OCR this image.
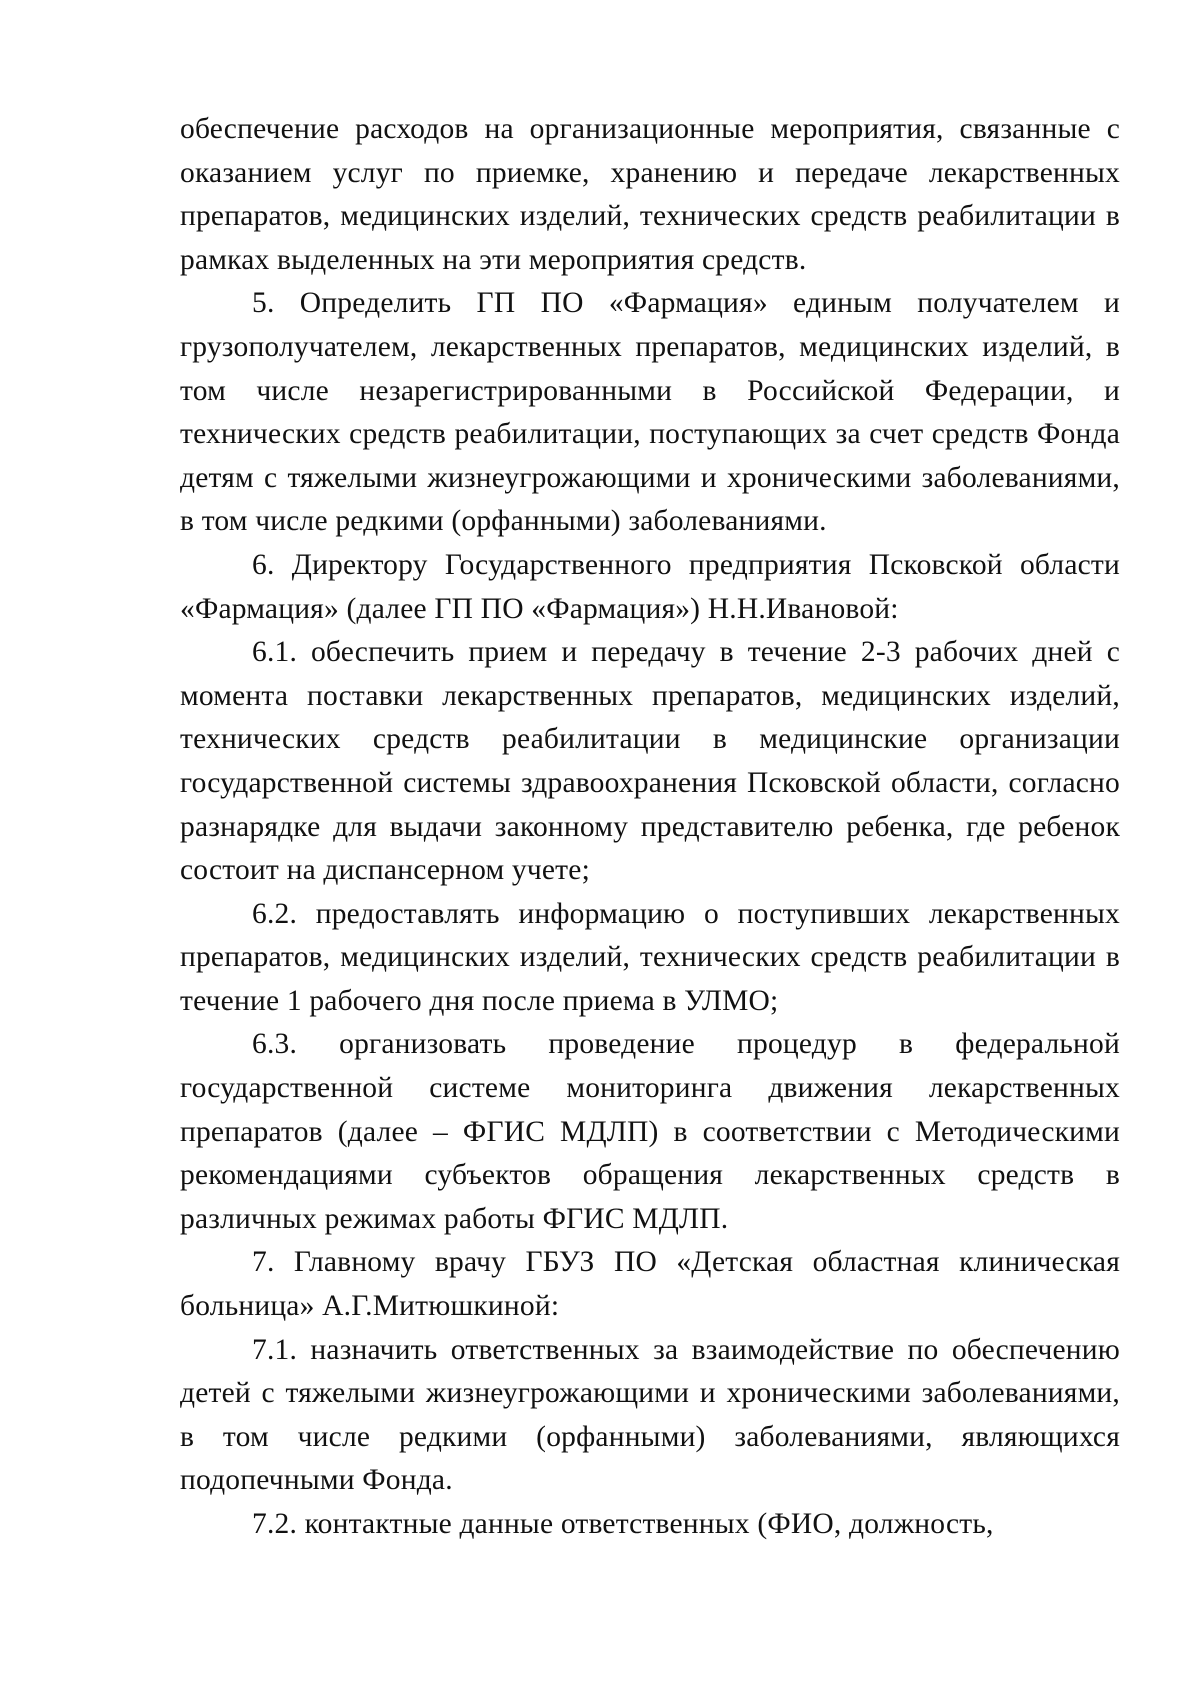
обеспечение расходов на организационные мероприятия, связанные с оказанием услуг по приемке, хранению и передаче лекарственных препаратов, медицинских изделий, технических средств реабилитации в рамках выделенных на эти мероприятия средств.

5. Определить ГП ПО «Фармация» единым получателем и грузополучателем, лекарственных препаратов, медицинских изделий, в том числе незарегистрированными в Российской Федерации, и технических средств реабилитации, поступающих за счет средств Фонда детям с тяжелыми жизнеугрожающими и хроническими заболеваниями, в том числе редкими (орфанными) заболеваниями.

6. Директору Государственного предприятия Псковской области «Фармация» (далее ГП ПО «Фармация») Н.Н.Ивановой:

6.1. обеспечить прием и передачу в течение 2-3 рабочих дней с момента поставки лекарственных препаратов, медицинских изделий, технических средств реабилитации в медицинские организации государственной системы здравоохранения Псковской области, согласно разнарядке для выдачи законному представителю ребенка, где ребенок состоит на диспансерном учете;

6.2. предоставлять информацию о поступивших лекарственных препаратов, медицинских изделий, технических средств реабилитации в течение 1 рабочего дня после приема в УЛМО;

6.3. организовать проведение процедур в федеральной государственной системе мониторинга движения лекарственных препаратов (далее – ФГИС МДЛП) в соответствии с Методическими рекомендациями субъектов обращения лекарственных средств в различных режимах работы ФГИС МДЛП.

7. Главному врачу ГБУЗ ПО «Детская областная клиническая больница» А.Г.Митюшкиной:

7.1. назначить ответственных за взаимодействие по обеспечению детей с тяжелыми жизнеугрожающими и хроническими заболеваниями, в том числе редкими (орфанными) заболеваниями, являющихся подопечными Фонда.

7.2. контактные данные ответственных (ФИО, должность,
